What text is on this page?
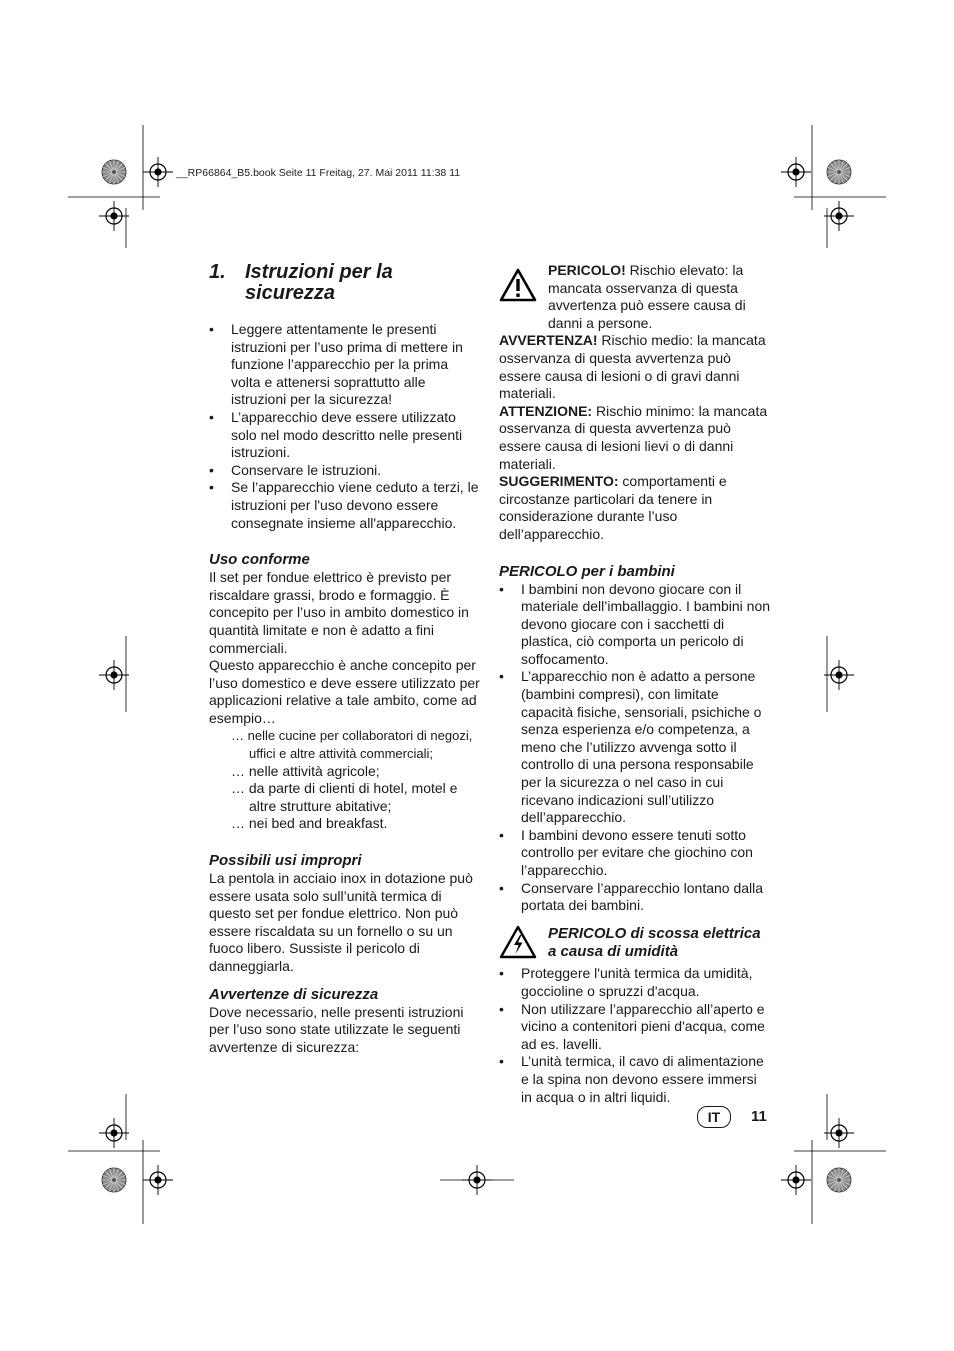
__RP66864_B5.book Seite 11 Freitag, 27. Mai 2011 11:38 11
1. Istruzioni per la sicurezza
• Leggere attentamente le presenti istruzioni per l’uso prima di mettere in funzione l’apparecchio per la prima volta e attenersi soprattutto alle istruzioni per la sicurezza!
• L’apparecchio deve essere utilizzato solo nel modo descritto nelle presenti istruzioni.
• Conservare le istruzioni.
• Se l’apparecchio viene ceduto a terzi, le istruzioni per l'uso devono essere consegnate insieme all'apparecchio.
Uso conforme

Il set per fondue elettrico è previsto per riscaldare grassi, brodo e formaggio. È concepito per l’uso in ambito domestico in quantità limitate e non è adatto a fini commerciali.

Questo apparecchio è anche concepito per l’uso domestico e deve essere utilizzato per applicazioni relative a tale ambito, come ad esempio…

… nelle cucine per collaboratori di negozi, uffici e altre attività commerciali;
… nelle attività agricole;
… da parte di clienti di hotel, motel e altre strutture abitative;
… nei bed and breakfast.
Possibili usi impropri

La pentola in acciaio inox in dotazione può essere usata solo sull’unità termica di questo set per fondue elettrico. Non può essere riscaldata su un fornello o su un fuoco libero. Sussiste il pericolo di danneggiarla.

Avvertenze di sicurezza

Dove necessario, nelle presenti istruzioni per l’uso sono state utilizzate le seguenti avvertenze di sicurezza:

PERICOLO! Rischio elevato: la mancata osservanza di questa avvertenza può essere causa di danni a persone.

AVVERTENZA! Rischio medio: la mancata osservanza di questa avvertenza può essere causa di lesioni o di gravi danni materiali.

ATTENZIONE: Rischio minimo: la mancata osservanza di questa avvertenza può essere causa di lesioni lievi o di danni materiali.

SUGGERIMENTO: comportamenti e circostanze particolari da tenere in considerazione durante l’uso dell’apparecchio.

PERICOLO per i bambini
• I bambini non devono giocare con il materiale dell’imballaggio. I bambini non devono giocare con i sacchetti di plastica, ciò comporta un pericolo di soffocamento.
• L’apparecchio non è adatto a persone (bambini compresi), con limitate capacità fisiche, sensoriali, psichiche o senza esperienza e/o competenza, a meno che l’utilizzo avvenga sotto il controllo di una persona responsabile per la sicurezza o nel caso in cui ricevano indicazioni sull’utilizzo dell’apparecchio.
• I bambini devono essere tenuti sotto controllo per evitare che giochino con l’apparecchio.
• Conservare l’apparecchio lontano dalla portata dei bambini.
PERICOLO di scossa elettrica a causa di umidità
• Proteggere l'unità termica da umidità, goccioline o spruzzi d'acqua.
• Non utilizzare l’apparecchio all’aperto e vicino a contenitori pieni d'acqua, come ad es. lavelli.
• L’unità termica, il cavo di alimentazione e la spina non devono essere immersi in acqua o in altri liquidi.
IT	11
